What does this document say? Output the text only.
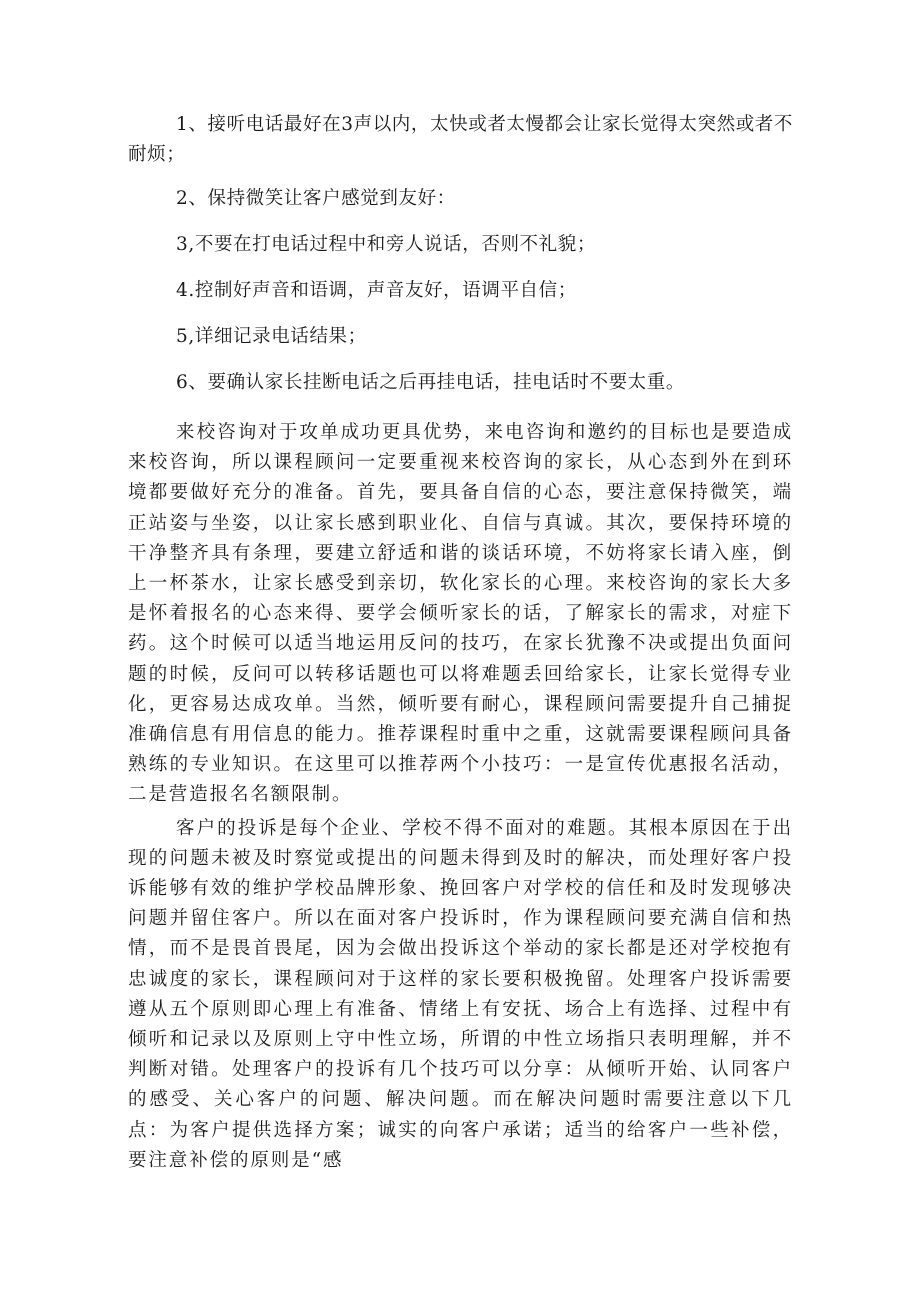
1、接听电话最好在3声以内，太快或者太慢都会让家长觉得太突然或者不耐烦；

2、保持微笑让客户感觉到友好：

3,不要在打电话过程中和旁人说话，否则不礼貌；

4.控制好声音和语调，声音友好，语调平自信；

5,详细记录电话结果；

6、要确认家长挂断电话之后再挂电话，挂电话时不要太重。

来校咨询对于攻单成功更具优势，来电咨询和邀约的目标也是要造成来校咨询，所以课程顾问一定要重视来校咨询的家长，从心态到外在到环境都要做好充分的准备。首先，要具备自信的心态，要注意保持微笑，端正站姿与坐姿，以让家长感到职业化、自信与真诚。其次，要保持环境的干净整齐具有条理，要建立舒适和谐的谈话环境，不妨将家长请入座，倒上一杯茶水，让家长感受到亲切，软化家长的心理。来校咨询的家长大多是怀着报名的心态来得、要学会倾听家长的话，了解家长的需求，对症下药。这个时候可以适当地运用反问的技巧，在家长犹豫不决或提出负面问题的时候，反问可以转移话题也可以将难题丢回给家长，让家长觉得专业化，更容易达成攻单。当然，倾听要有耐心，课程顾问需要提升自己捕捉准确信息有用信息的能力。推荐课程时重中之重，这就需要课程顾问具备熟练的专业知识。在这里可以推荐两个小技巧：一是宣传优惠报名活动，二是营造报名名额限制。

客户的投诉是每个企业、学校不得不面对的难题。其根本原因在于出现的问题未被及时察觉或提出的问题未得到及时的解决，而处理好客户投诉能够有效的维护学校品牌形象、挽回客户对学校的信任和及时发现够决问题并留住客户。所以在面对客户投诉时，作为课程顾问要充满自信和热情，而不是畏首畏尾，因为会做出投诉这个举动的家长都是还对学校抱有忠诚度的家长，课程顾问对于这样的家长要积极挽留。处理客户投诉需要遵从五个原则即心理上有准备、情绪上有安抚、场合上有选择、过程中有倾听和记录以及原则上守中性立场，所谓的中性立场指只表明理解，并不判断对错。处理客户的投诉有几个技巧可以分享：从倾听开始、认同客户的感受、关心客户的问题、解决问题。而在解决问题时需要注意以下几点：为客户提供选择方案；诚实的向客户承诺；适当的给客户一些补偿，要注意补偿的原则是“感
